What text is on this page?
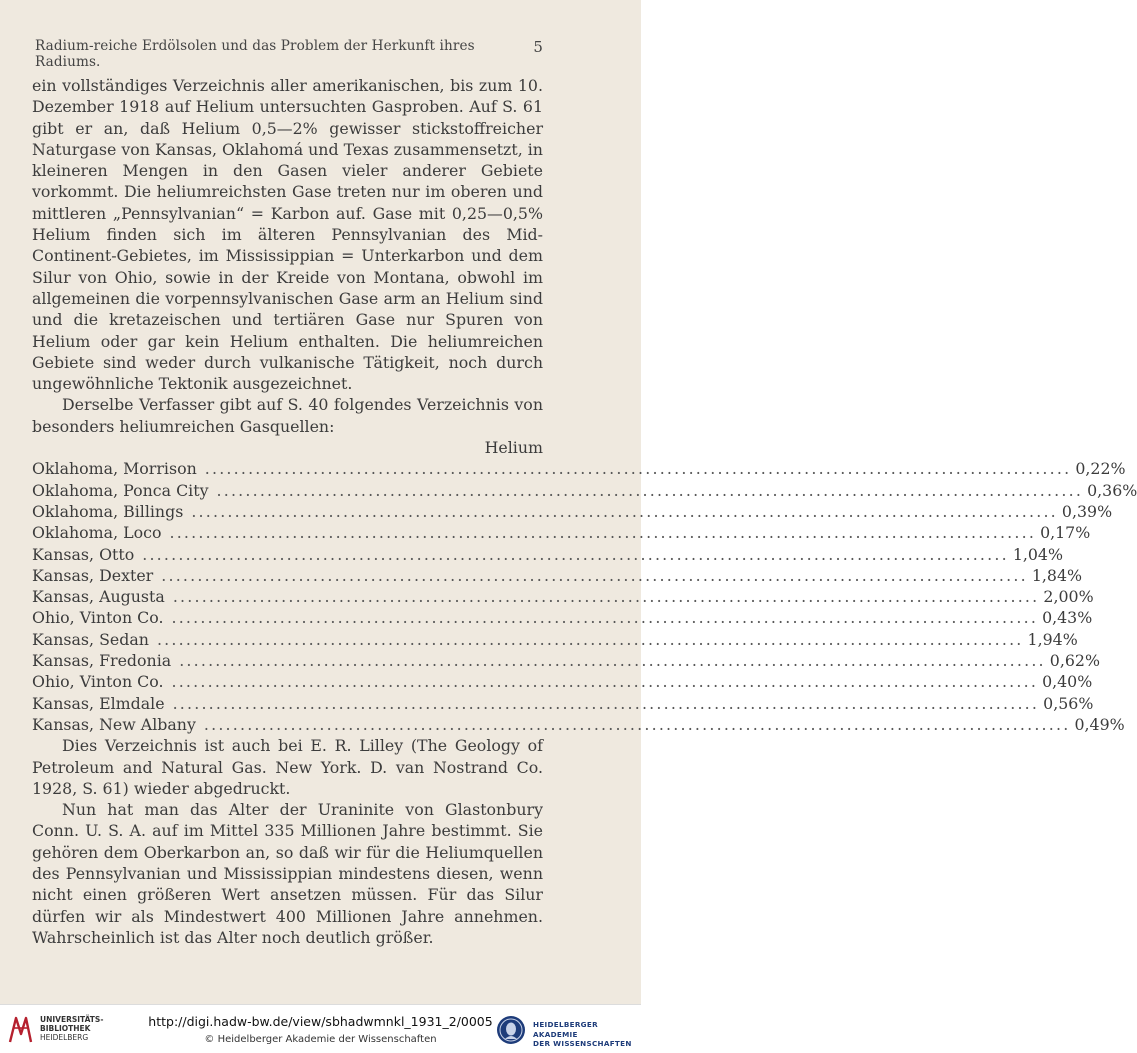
Radium-reiche Erdölsolen und das Problem der Herkunft ihres Radiums.
5

ein vollständiges Verzeichnis aller amerikanischen, bis zum 10. Dezember 1918 auf Helium untersuchten Gasproben. Auf S. 61 gibt er an, daß Helium 0,5—2% gewisser stickstoffreicher Naturgase von Kansas, Oklahomá und Texas zusammensetzt, in kleineren Mengen in den Gasen vieler anderer Gebiete vorkommt. Die heliumreichsten Gase treten nur im oberen und mittleren „Pennsylvanian“ = Karbon auf. Gase mit 0,25—0,5% Helium finden sich im älteren Pennsylvanian des Mid-Continent-Gebietes, im Mississippian = Unterkarbon und dem Silur von Ohio, sowie in der Kreide von Montana, obwohl im allgemeinen die vorpennsylvanischen Gase arm an Helium sind und die kretazeischen und tertiären Gase nur Spuren von Helium oder gar kein Helium enthalten. Die heliumreichen Gebiete sind weder durch vulkanische Tätigkeit, noch durch ungewöhnliche Tektonik ausgezeichnet.

Derselbe Verfasser gibt auf S. 40 folgendes Verzeichnis von besonders heliumreichen Gasquellen:

Helium

Oklahoma, Morrison ........................................................................................................................ 0,22%
Oklahoma, Ponca City ........................................................................................................................ 0,36%
Oklahoma, Billings ........................................................................................................................ 0,39%
Oklahoma, Loco ........................................................................................................................ 0,17%
Kansas, Otto ........................................................................................................................ 1,04%
Kansas, Dexter ........................................................................................................................ 1,84%
Kansas, Augusta ........................................................................................................................ 2,00%
Ohio, Vinton Co. ........................................................................................................................ 0,43%
Kansas, Sedan ........................................................................................................................ 1,94%
Kansas, Fredonia ........................................................................................................................ 0,62%
Ohio, Vinton Co. ........................................................................................................................ 0,40%
Kansas, Elmdale ........................................................................................................................ 0,56%
Kansas, New Albany ........................................................................................................................ 0,49%

Dies Verzeichnis ist auch bei E. R. Lilley (The Geology of Petroleum and Natural Gas. New York. D. van Nostrand Co. 1928, S. 61) wieder abgedruckt.

Nun hat man das Alter der Uraninite von Glastonbury Conn. U. S. A. auf im Mittel 335 Millionen Jahre bestimmt. Sie gehören dem Oberkarbon an, so daß wir für die Heliumquellen des Pennsylvanian und Mississippian mindestens diesen, wenn nicht einen größeren Wert ansetzen müssen. Für das Silur dürfen wir als Mindestwert 400 Millionen Jahre annehmen. Wahrscheinlich ist das Alter noch deutlich größer.

UNIVERSITÄTS-
BIBLIOTHEK
HEIDELBERG
http://digi.hadw-bw.de/view/sbhadwmnkl_1931_2/0005
© Heidelberger Akademie der Wissenschaften
HEIDELBERGER AKADEMIE
DER WISSENSCHAFTEN
